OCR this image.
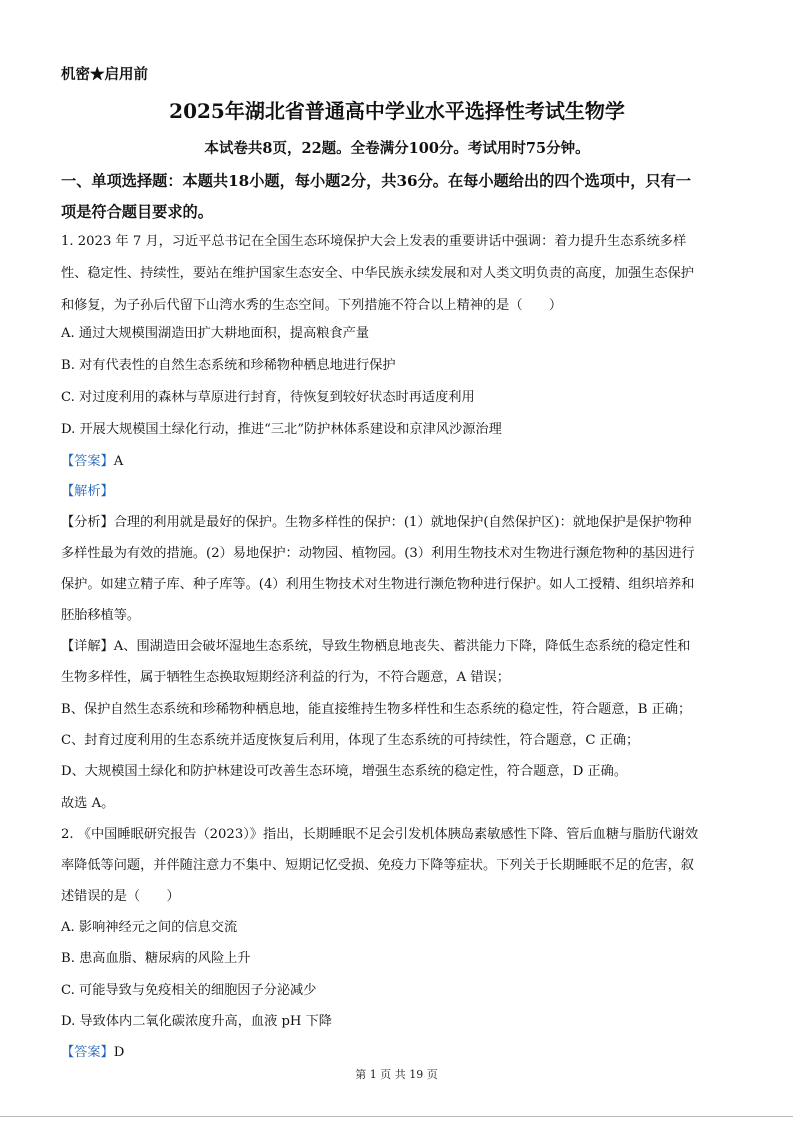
机密★启用前
2025年湖北省普通高中学业水平选择性考试生物学
本试卷共8页，22题。全卷满分100分。考试用时75分钟。
一、单项选择题：本题共18小题，每小题2分，共36分。在每小题给出的四个选项中，只有一
项是符合题目要求的。
1. 2023 年 7 月，习近平总书记在全国生态环境保护大会上发表的重要讲话中强调：着力提升生态系统多样
性、稳定性、持续性，要站在维护国家生态安全、中华民族永续发展和对人类文明负责的高度，加强生态保护
和修复，为子孙后代留下山湾水秀的生态空间。下列措施不符合以上精神的是（　　）
A. 通过大规模围湖造田扩大耕地面积，提高粮食产量
B. 对有代表性的自然生态系统和珍稀物种栖息地进行保护
C. 对过度利用的森林与草原进行封育，待恢复到较好状态时再适度利用
D. 开展大规模国土绿化行动，推进“三北”防护林体系建设和京津风沙源治理
【答案】A
【解析】
【分析】合理的利用就是最好的保护。生物多样性的保护：(1）就地保护(自然保护区)：就地保护是保护物种
多样性最为有效的措施。(2）易地保护：动物园、植物园。(3）利用生物技术对生物进行濒危物种的基因进行
保护。如建立精子库、种子库等。(4）利用生物技术对生物进行濒危物种进行保护。如人工授精、组织培养和
胚胎移植等。
【详解】A、围湖造田会破坏湿地生态系统，导致生物栖息地丧失、蓄洪能力下降，降低生态系统的稳定性和
生物多样性，属于牺牲生态换取短期经济利益的行为，不符合题意，A 错误；
B、保护自然生态系统和珍稀物种栖息地，能直接维持生物多样性和生态系统的稳定性，符合题意，B 正确；
C、封育过度利用的生态系统并适度恢复后利用，体现了生态系统的可持续性，符合题意，C 正确；
D、大规模国土绿化和防护林建设可改善生态环境，增强生态系统的稳定性，符合题意，D 正确。
故选 A。
2. 《中国睡眠研究报告（2023）》指出，长期睡眠不足会引发机体胰岛素敏感性下降、管后血糖与脂肪代谢效
率降低等问题，并伴随注意力不集中、短期记忆受损、免疫力下降等症状。下列关于长期睡眠不足的危害，叙
述错误的是（　　）
A. 影响神经元之间的信息交流
B. 患高血脂、糖尿病的风险上升
C. 可能导致与免疫相关的细胞因子分泌减少
D. 导致体内二氧化碳浓度升高，血液 pH 下降
【答案】D
第 1 页 共 19 页
